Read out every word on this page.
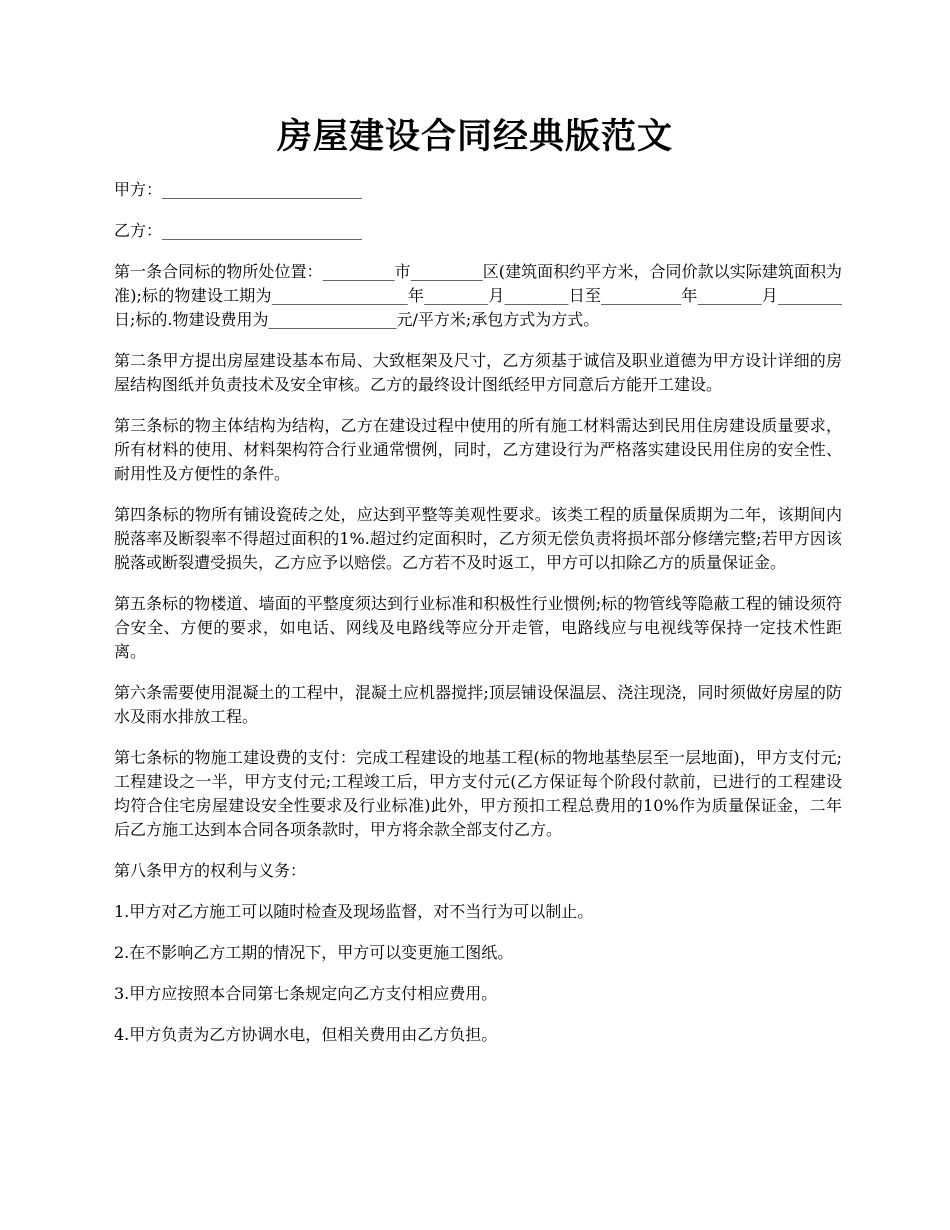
房屋建设合同经典版范文

甲方：_________________________

乙方：_________________________

第一条合同标的物所处位置：_________市_________区(建筑面积约平方米，合同价款以实际建筑面积为准);标的物建设工期为_________________年________月________日至__________年________月________日;标的.物建设费用为________________元/平方米;承包方式为方式。

第二条甲方提出房屋建设基本布局、大致框架及尺寸，乙方须基于诚信及职业道德为甲方设计详细的房屋结构图纸并负责技术及安全审核。乙方的最终设计图纸经甲方同意后方能开工建设。

第三条标的物主体结构为结构，乙方在建设过程中使用的所有施工材料需达到民用住房建设质量要求，所有材料的使用、材料架构符合行业通常惯例，同时，乙方建设行为严格落实建设民用住房的安全性、耐用性及方便性的条件。

第四条标的物所有铺设瓷砖之处，应达到平整等美观性要求。该类工程的质量保质期为二年，该期间内脱落率及断裂率不得超过面积的1%.超过约定面积时，乙方须无偿负责将损坏部分修缮完整;若甲方因该脱落或断裂遭受损失，乙方应予以赔偿。乙方若不及时返工，甲方可以扣除乙方的质量保证金。

第五条标的物楼道、墙面的平整度须达到行业标准和积极性行业惯例;标的物管线等隐蔽工程的铺设须符合安全、方便的要求，如电话、网线及电路线等应分开走管，电路线应与电视线等保持一定技术性距离。

第六条需要使用混凝土的工程中，混凝土应机器搅拌;顶层铺设保温层、浇注现浇，同时须做好房屋的防水及雨水排放工程。

第七条标的物施工建设费的支付：完成工程建设的地基工程(标的物地基垫层至一层地面)，甲方支付元;工程建设之一半，甲方支付元;工程竣工后，甲方支付元(乙方保证每个阶段付款前，已进行的工程建设均符合住宅房屋建设安全性要求及行业标准)此外，甲方预扣工程总费用的10%作为质量保证金，二年后乙方施工达到本合同各项条款时，甲方将余款全部支付乙方。

第八条甲方的权利与义务：

1.甲方对乙方施工可以随时检查及现场监督，对不当行为可以制止。

2.在不影响乙方工期的情况下，甲方可以变更施工图纸。

3.甲方应按照本合同第七条规定向乙方支付相应费用。

4.甲方负责为乙方协调水电，但相关费用由乙方负担。
